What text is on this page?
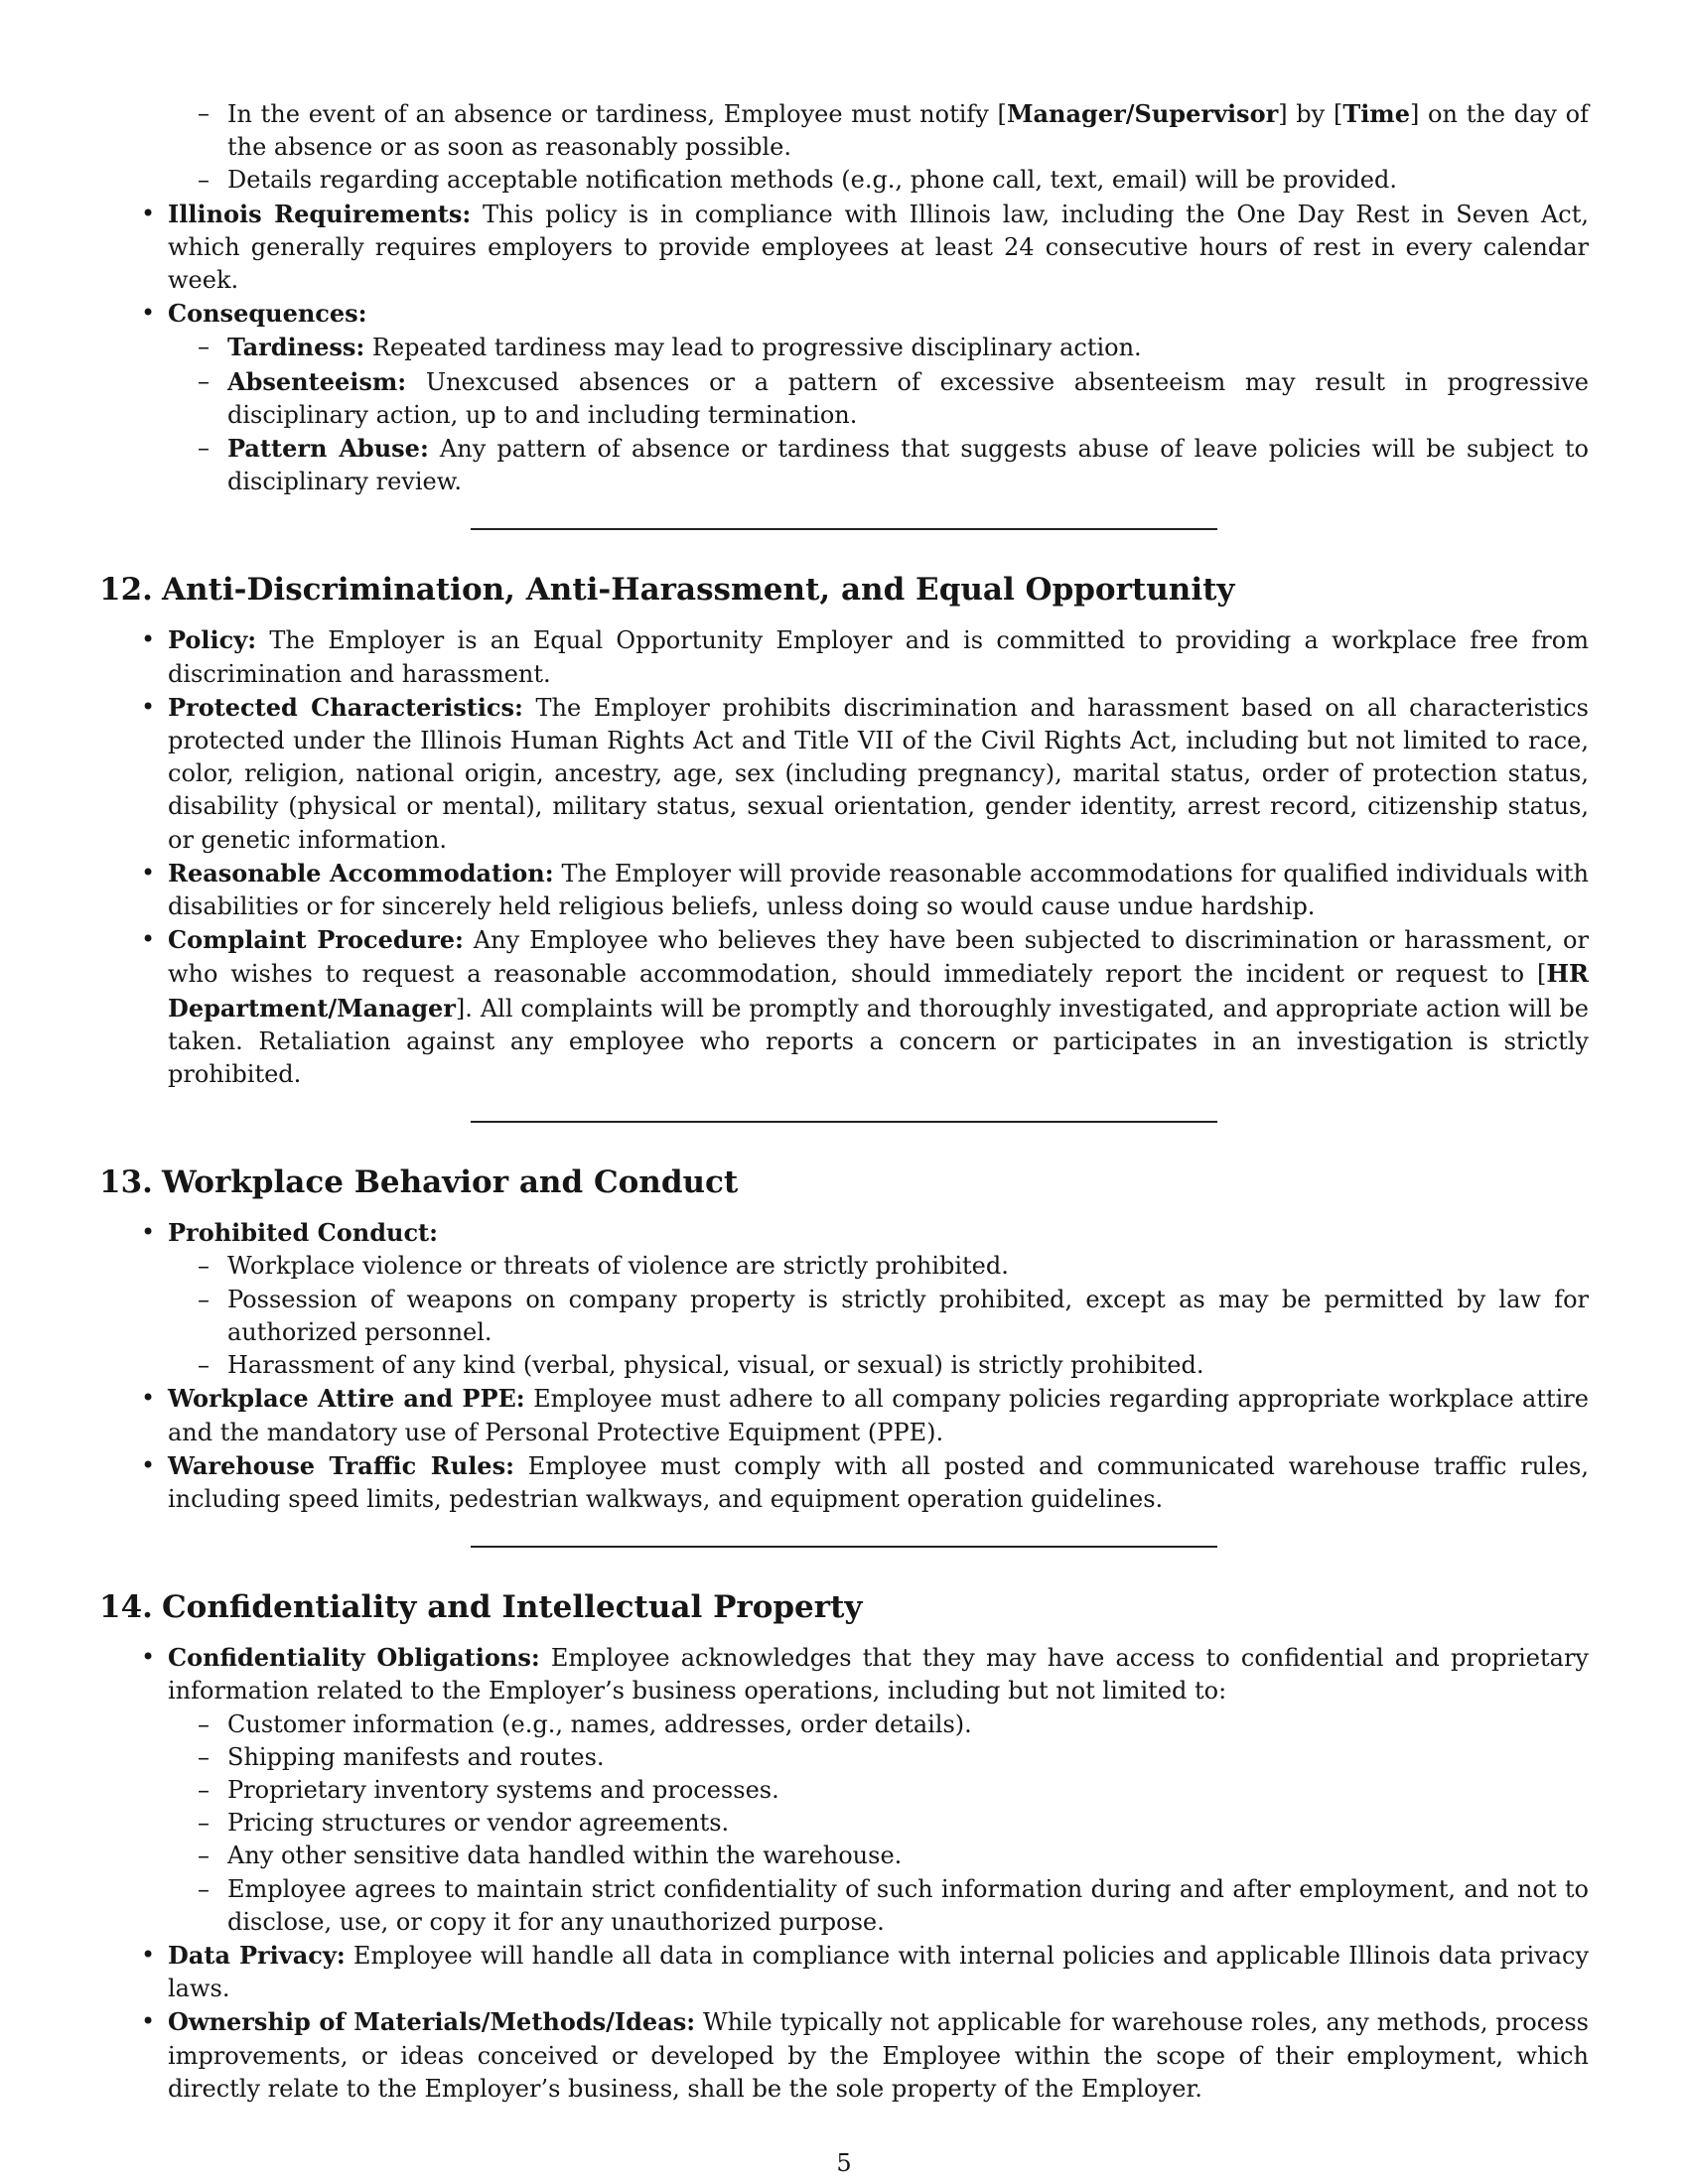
– In the event of an absence or tardiness, Employee must notify [Manager/Supervisor] by [Time] on the day of the absence or as soon as reasonably possible.
– Details regarding acceptable notification methods (e.g., phone call, text, email) will be provided.
• Illinois Requirements: This policy is in compliance with Illinois law, including the One Day Rest in Seven Act, which generally requires employers to provide employees at least 24 consecutive hours of rest in every calendar week.
• Consequences:
– Tardiness: Repeated tardiness may lead to progressive disciplinary action.
– Absenteeism: Unexcused absences or a pattern of excessive absenteeism may result in progressive disciplinary action, up to and including termination.
– Pattern Abuse: Any pattern of absence or tardiness that suggests abuse of leave policies will be subject to disciplinary review.
12. Anti-Discrimination, Anti-Harassment, and Equal Opportunity
• Policy: The Employer is an Equal Opportunity Employer and is committed to providing a workplace free from discrimination and harassment.
• Protected Characteristics: The Employer prohibits discrimination and harassment based on all characteristics protected under the Illinois Human Rights Act and Title VII of the Civil Rights Act, including but not limited to race, color, religion, national origin, ancestry, age, sex (including pregnancy), marital status, order of protection status, disability (physical or mental), military status, sexual orientation, gender identity, arrest record, citizenship status, or genetic information.
• Reasonable Accommodation: The Employer will provide reasonable accommodations for qualified individuals with disabilities or for sincerely held religious beliefs, unless doing so would cause undue hardship.
• Complaint Procedure: Any Employee who believes they have been subjected to discrimination or harassment, or who wishes to request a reasonable accommodation, should immediately report the incident or request to [HR Department/Manager]. All complaints will be promptly and thoroughly investigated, and appropriate action will be taken. Retaliation against any employee who reports a concern or participates in an investigation is strictly prohibited.
13. Workplace Behavior and Conduct
• Prohibited Conduct:
– Workplace violence or threats of violence are strictly prohibited.
– Possession of weapons on company property is strictly prohibited, except as may be permitted by law for authorized personnel.
– Harassment of any kind (verbal, physical, visual, or sexual) is strictly prohibited.
• Workplace Attire and PPE: Employee must adhere to all company policies regarding appropriate workplace attire and the mandatory use of Personal Protective Equipment (PPE).
• Warehouse Traffic Rules: Employee must comply with all posted and communicated warehouse traffic rules, including speed limits, pedestrian walkways, and equipment operation guidelines.
14. Confidentiality and Intellectual Property
• Confidentiality Obligations: Employee acknowledges that they may have access to confidential and proprietary information related to the Employer’s business operations, including but not limited to:
– Customer information (e.g., names, addresses, order details).
– Shipping manifests and routes.
– Proprietary inventory systems and processes.
– Pricing structures or vendor agreements.
– Any other sensitive data handled within the warehouse.
– Employee agrees to maintain strict confidentiality of such information during and after employment, and not to disclose, use, or copy it for any unauthorized purpose.
• Data Privacy: Employee will handle all data in compliance with internal policies and applicable Illinois data privacy laws.
• Ownership of Materials/Methods/Ideas: While typically not applicable for warehouse roles, any methods, process improvements, or ideas conceived or developed by the Employee within the scope of their employment, which directly relate to the Employer’s business, shall be the sole property of the Employer.
5
